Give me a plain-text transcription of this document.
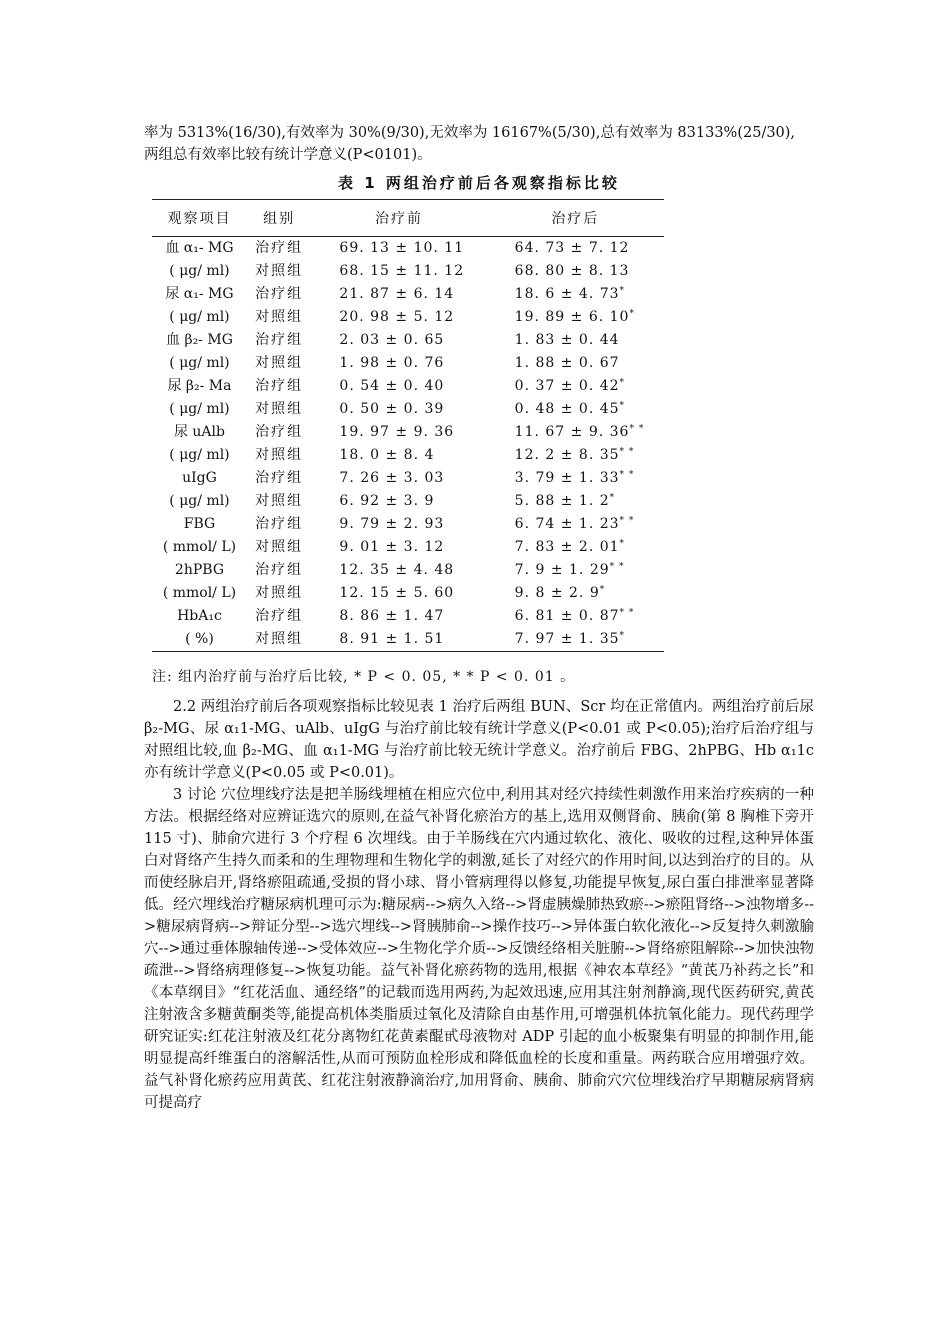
率为 5313%(16/30),有效率为 30%(9/30),无效率为 16167%(5/30),总有效率为 83133%(25/30),

两组总有效率比较有统计学意义(P<0101)。

表 1 两组治疗前后各观察指标比较
观察项目	组别	治疗前	治疗后
血 α₁- MG	治疗组	69. 13 ± 10. 11	64. 73 ± 7. 12
( μg/ ml)	对照组	68. 15 ± 11. 12	68. 80 ± 8. 13
尿 α₁- MG	治疗组	21. 87 ± 6. 14	18. 6 ± 4. 73*
( μg/ ml)	对照组	20. 98 ± 5. 12	19. 89 ± 6. 10*
血 β₂- MG	治疗组	2. 03 ± 0. 65	1. 83 ± 0. 44
( μg/ ml)	对照组	1. 98 ± 0. 76	1. 88 ± 0. 67
尿 β₂- Ma	治疗组	0. 54 ± 0. 40	0. 37 ± 0. 42*
( μg/ ml)	对照组	0. 50 ± 0. 39	0. 48 ± 0. 45*
尿 uAlb	治疗组	19. 97 ± 9. 36	11. 67 ± 9. 36* *
( μg/ ml)	对照组	18. 0 ± 8. 4	12. 2 ± 8. 35* *
uIgG	治疗组	7. 26 ± 3. 03	3. 79 ± 1. 33* *
( μg/ ml)	对照组	6. 92 ± 3. 9	5. 88 ± 1. 2*
FBG	治疗组	9. 79 ± 2. 93	6. 74 ± 1. 23* *
( mmol/ L)	对照组	9. 01 ± 3. 12	7. 83 ± 2. 01*
2hPBG	治疗组	12. 35 ± 4. 48	7. 9 ± 1. 29* *
( mmol/ L)	对照组	12. 15 ± 5. 60	9. 8 ± 2. 9*
HbA₁c	治疗组	8. 86 ± 1. 47	6. 81 ± 0. 87* *
( %)	对照组	8. 91 ± 1. 51	7. 97 ± 1. 35*
注: 组内治疗前与治疗后比较, * P < 0. 05, * * P < 0. 01 。

2.2 两组治疗前后各项观察指标比较见表 1 治疗后两组 BUN、Scr 均在正常值内。两组治疗前后尿 β₂-MG、尿 α₁1-MG、uAlb、uIgG 与治疗前比较有统计学意义(P<0.01 或 P<0.05);治疗后治疗组与对照组比较,血 β₂-MG、血 α₁1-MG 与治疗前比较无统计学意义。治疗前后 FBG、2hPBG、Hb α₁1c 亦有统计学意义(P<0.05 或 P<0.01)。

3 讨论 穴位埋线疗法是把羊肠线埋植在相应穴位中,利用其对经穴持续性刺激作用来治疗疾病的一种方法。根据经络对应辨证选穴的原则,在益气补肾化瘀治方的基上,选用双侧肾俞、胰俞(第 8 胸椎下旁开 115 寸)、肺俞穴进行 3 个疗程 6 次埋线。由于羊肠线在穴内通过软化、液化、吸收的过程,这种异体蛋白对肾络产生持久而柔和的生理物理和生物化学的刺激,延长了对经穴的作用时间,以达到治疗的目的。从而使经脉启开,肾络瘀阻疏通,受损的肾小球、肾小管病理得以修复,功能提早恢复,尿白蛋白排泄率显著降低。经穴埋线治疗糖尿病机理可示为:糖尿病-->病久入络-->肾虚胰燥肺热致瘀-->瘀阻肾络-->浊物增多-->糖尿病肾病-->辩证分型-->选穴埋线-->肾胰肺俞-->操作技巧-->异体蛋白软化液化-->反复持久刺激腧穴-->通过垂体腺轴传递-->受体效应-->生物化学介质-->反馈经络相关脏腑-->肾络瘀阻解除-->加快浊物疏泄-->肾络病理修复-->恢复功能。益气补肾化瘀药物的选用,根据《神农本草经》“黄芪乃补药之长”和《本草纲目》“红花活血、通经络”的记载而选用两药,为起效迅速,应用其注射剂静滴,现代医药研究,黄芪注射液含多糖黄酮类等,能提高机体类脂质过氧化及清除自由基作用,可增强机体抗氧化能力。现代药理学研究证实:红花注射液及红花分离物红花黄素醌甙母液物对 ADP 引起的血小板聚集有明显的抑制作用,能明显提高纤维蛋白的溶解活性,从而可预防血栓形成和降低血栓的长度和重量。两药联合应用增强疗效。益气补肾化瘀药应用黄芪、红花注射液静滴治疗,加用肾俞、胰俞、肺俞穴穴位埋线治疗早期糖尿病肾病可提高疗
